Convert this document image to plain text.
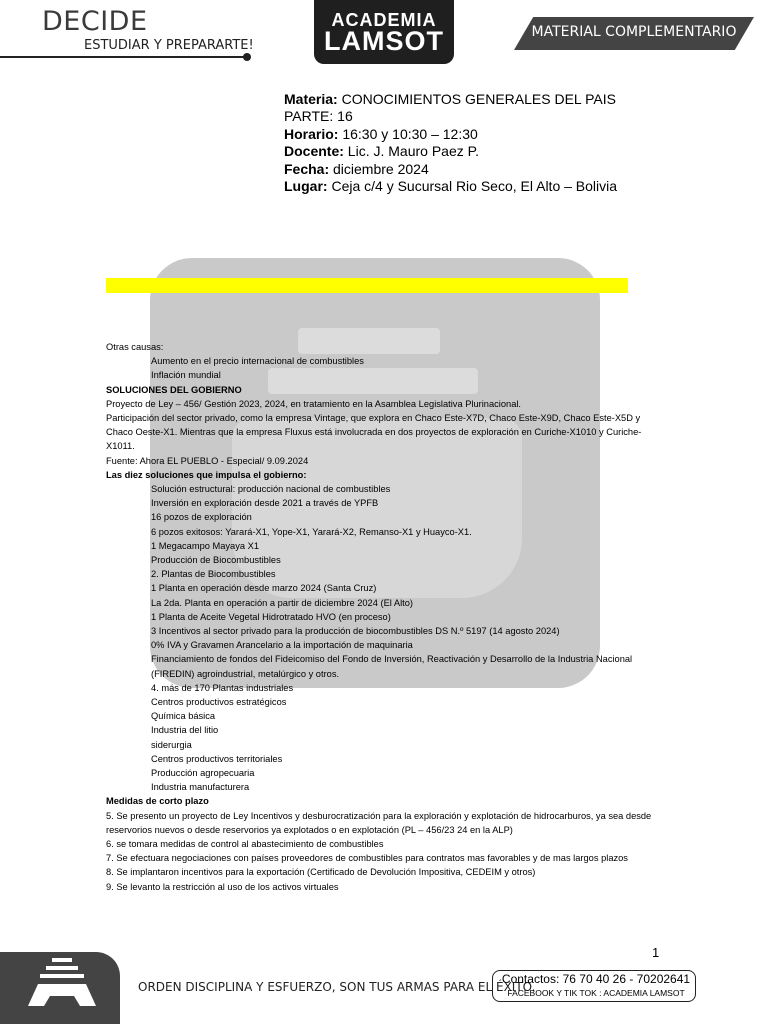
DECIDE
ESTUDIAR Y PREPARARTE!
ACADEMIA
LAMSOT	MATERIAL COMPLEMENTARIO
Materia: CONOCIMIENTOS GENERALES DEL PAIS
PARTE: 16
Horario: 16:30 y 10:30 – 12:30
Docente: Lic. J. Mauro Paez P.
Fecha: diciembre 2024
Lugar: Ceja c/4 y Sucursal Rio Seco, El Alto – Bolivia
Otras causas:
Aumento en el precio internacional de combustibles
Inflación mundial
SOLUCIONES DEL GOBIERNO
Proyecto de Ley – 456/ Gestión 2023, 2024, en tratamiento en la Asamblea Legislativa Plurinacional.
Participación del sector privado, como la empresa Vintage, que explora en Chaco Este-X7D, Chaco Este-X9D, Chaco Este-X5D y Chaco Oeste-X1. Mientras que la empresa Fluxus está involucrada en dos proyectos de exploración en Curiche-X1010 y Curiche-X1011.
Fuente: Ahora EL PUEBLO - Especial/ 9.09.2024
Las diez soluciones que impulsa el gobierno:
Solución estructural: producción nacional de combustibles
Inversión en exploración desde 2021 a través de YPFB
16 pozos de exploración
6 pozos exitosos: Yarará-X1, Yope-X1, Yarará-X2, Remanso-X1 y Huayco-X1.
1 Megacampo Mayaya X1
Producción de Biocombustibles
2. Plantas de Biocombustibles
1 Planta en operación desde marzo 2024 (Santa Cruz)
La 2da. Planta en operación a partir de diciembre 2024 (El Alto)
1 Planta de Aceite Vegetal Hidrotratado HVO (en proceso)
3 Incentivos al sector privado para la producción de biocombustibles DS N.º 5197 (14 agosto 2024)
0% IVA y Gravamen Arancelario a la importación de maquinaria
Financiamiento de fondos del Fideicomiso del Fondo de Inversión, Reactivación y Desarrollo de la Industria Nacional (FIREDIN) agroindustrial, metalúrgico y otros.
4. más de 170 Plantas industriales
Centros productivos estratégicos
Química básica
Industria del litio
siderurgia
Centros productivos territoriales
Producción agropecuaria
Industria manufacturera
Medidas de corto plazo
5. Se presento un proyecto de Ley Incentivos y desburocratización para la exploración y explotación de hidrocarburos, ya sea desde reservorios nuevos o desde reservorios ya explotados o en explotación (PL – 456/23 24 en la ALP)
6. se tomara medidas de control al abastecimiento de combustibles
7. Se efectuara negociaciones con países proveedores de combustibles para contratos mas favorables y de mas largos plazos
8. Se implantaron incentivos para la exportación (Certificado de Devolución Impositiva, CEDEIM y otros)
9. Se levanto la restricción al uso de los activos virtuales
1
ORDEN DISCIPLINA Y ESFUERZO, SON TUS ARMAS PARA EL ÉXITO.
Contactos: 76 70 40 26 - 70202641
FACEBOOK Y TIK TOK : ACADEMIA LAMSOT
